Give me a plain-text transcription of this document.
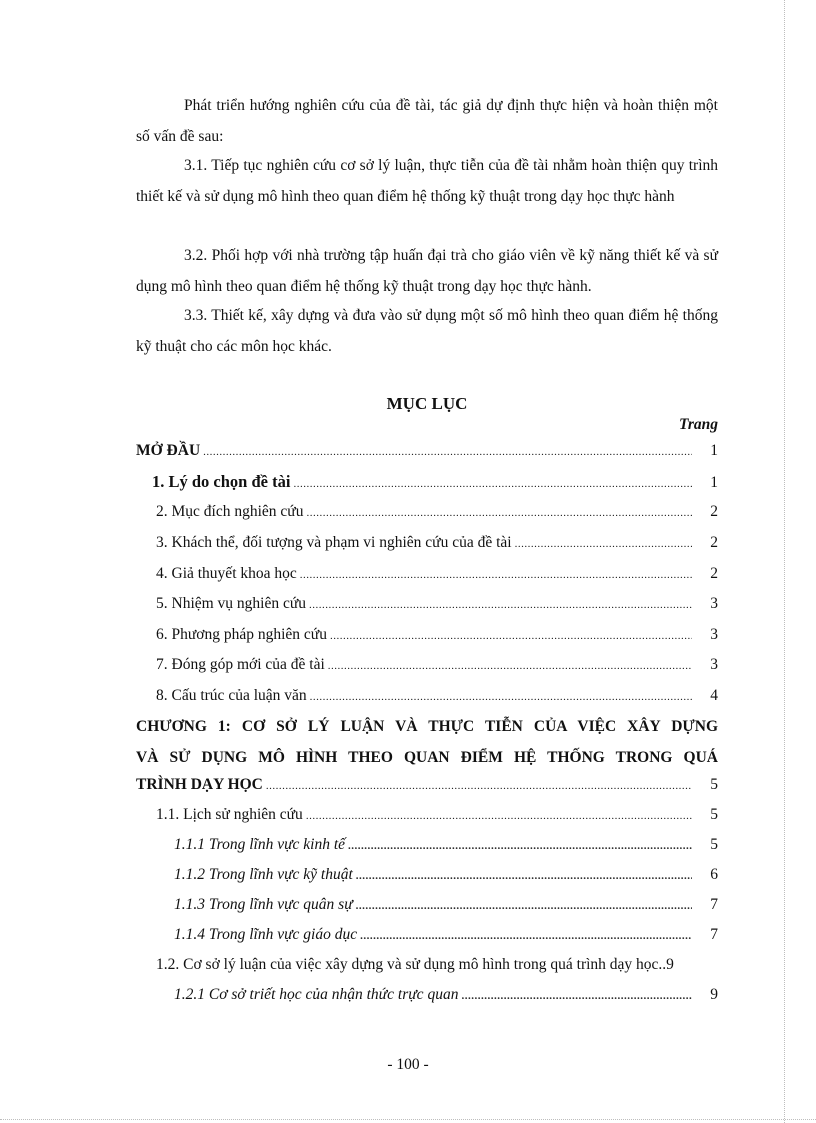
Phát triển hướng nghiên cứu của đề tài, tác giả dự định thực hiện và hoàn thiện một số vấn đề sau:

3.1. Tiếp tục nghiên cứu cơ sở lý luận, thực tiễn của đề tài nhằm hoàn thiện quy trình thiết kế và sử dụng mô hình theo quan điểm hệ thống kỹ thuật trong dạy học thực hành

3.2. Phối hợp với nhà trường tập huấn đại trà cho giáo viên về kỹ năng thiết kế và sử dụng mô hình theo quan điểm hệ thống kỹ thuật trong dạy học thực hành.

3.3. Thiết kế, xây dựng và đưa vào sử dụng một số mô hình theo quan điểm hệ thống kỹ thuật cho các môn học khác.

MỤC LỤC
Trang
MỞ ĐẦU .....	1
1. Lý do chọn đề tài .....	1
2. Mục đích nghiên cứu .....	2
3. Khách thể, đối tượng và phạm vi nghiên cứu của đề tài .....	2
4. Giả thuyết khoa học .....	2
5. Nhiệm vụ nghiên cứu .....	3
6. Phương pháp nghiên cứu .....	3
7. Đóng góp mới của đề tài .....	3
8. Cấu trúc của luận văn .....	4
CHƯƠNG 1: CƠ SỞ LÝ LUẬN VÀ THỰC TIỄN CỦA VIỆC XÂY DỰNG
VÀ SỬ DỤNG MÔ HÌNH THEO QUAN ĐIỂM HỆ THỐNG TRONG QUÁ
TRÌNH DẠY HỌC .....	5
1.1. Lịch sử nghiên cứu .....	5
1.1.1 Trong lĩnh vực kinh tế .....	5
1.1.2 Trong lĩnh vực kỹ thuật .....	6
1.1.3 Trong lĩnh vực quân sự .....	7
1.1.4 Trong lĩnh vực giáo dục .....	7
1.2. Cơ sở lý luận của việc xây dựng và sử dụng mô hình trong quá trình dạy học.. 9
1.2.1 Cơ sở triết học của nhận thức trực quan .....	9
- 100 -
